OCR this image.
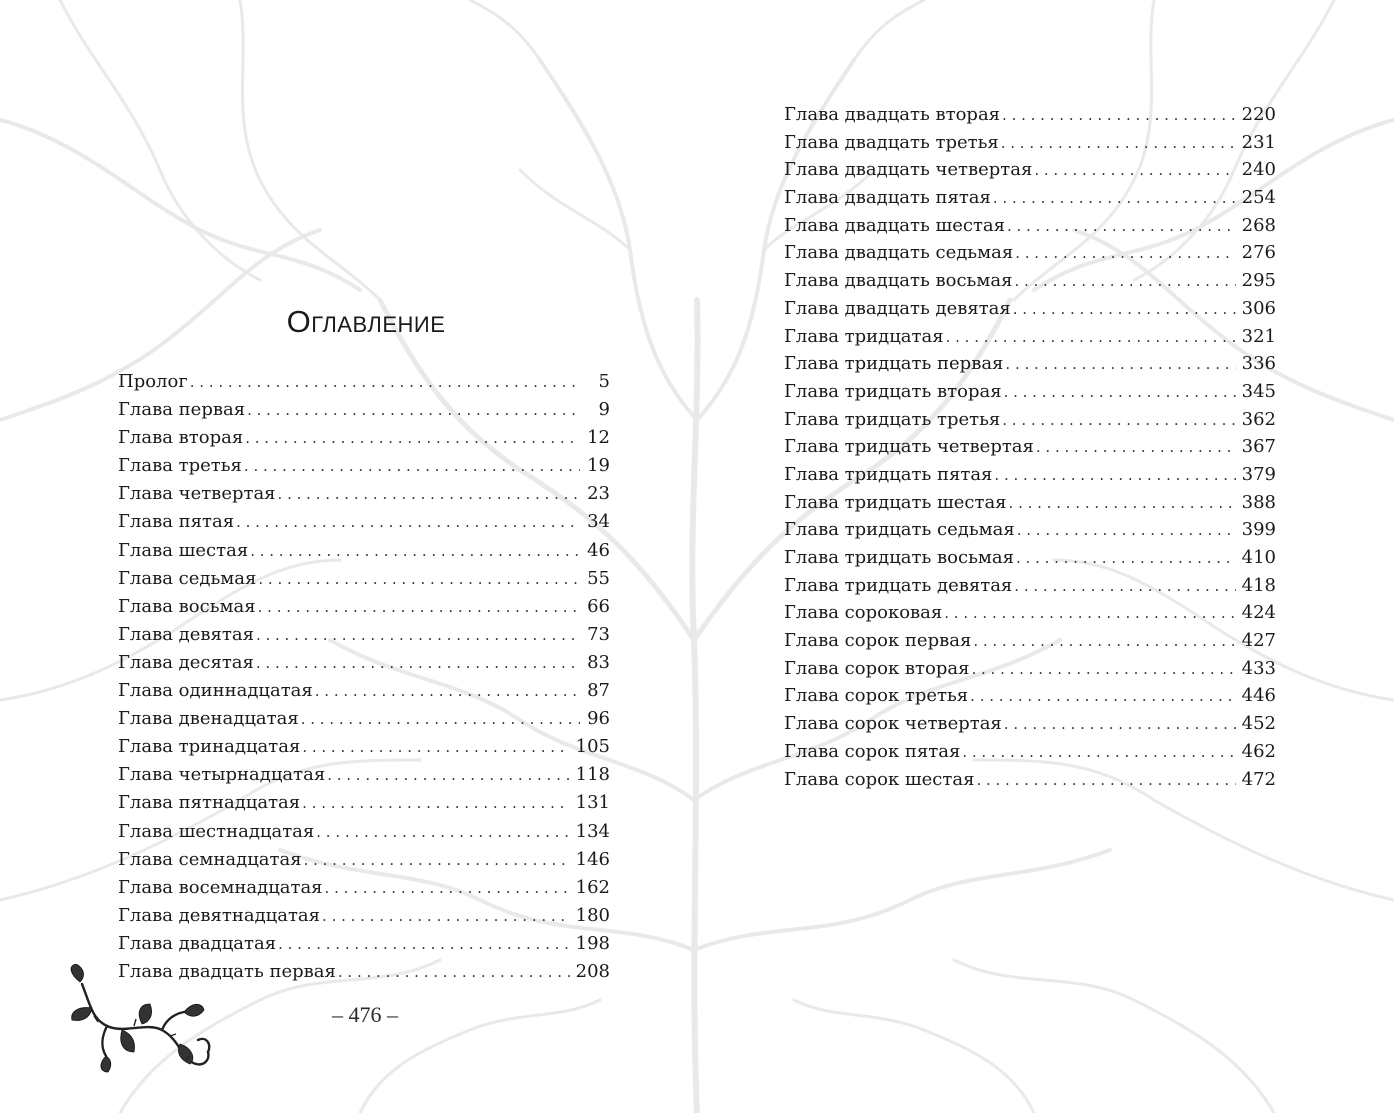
Оглавление
Пролог . . .	5
Глава первая . . .	9
Глава вторая . . .	12
Глава третья . . .	19
Глава четвертая . . .	23
Глава пятая . . .	34
Глава шестая . . .	46
Глава седьмая . . .	55
Глава восьмая . . .	66
Глава девятая . . .	73
Глава десятая . . .	83
Глава одиннадцатая . . .	87
Глава двенадцатая . . .	96
Глава тринадцатая . . .	105
Глава четырнадцатая . . .	118
Глава пятнадцатая . . .	131
Глава шестнадцатая . . .	134
Глава семнадцатая . . .	146
Глава восемнадцатая . . .	162
Глава девятнадцатая . . .	180
Глава двадцатая . . .	198
Глава двадцать первая . . .	208
– 476 –
Глава двадцать вторая . . .	220
Глава двадцать третья . . .	231
Глава двадцать четвертая . . .	240
Глава двадцать пятая . . .	254
Глава двадцать шестая . . .	268
Глава двадцать седьмая . . .	276
Глава двадцать восьмая . . .	295
Глава двадцать девятая . . .	306
Глава тридцатая . . .	321
Глава тридцать первая . . .	336
Глава тридцать вторая . . .	345
Глава тридцать третья . . .	362
Глава тридцать четвертая . . .	367
Глава тридцать пятая . . .	379
Глава тридцать шестая . . .	388
Глава тридцать седьмая . . .	399
Глава тридцать восьмая . . .	410
Глава тридцать девятая . . .	418
Глава сороковая . . .	424
Глава сорок первая . . .	427
Глава сорок вторая . . .	433
Глава сорок третья . . .	446
Глава сорок четвертая . . .	452
Глава сорок пятая . . .	462
Глава сорок шестая . . .	472
